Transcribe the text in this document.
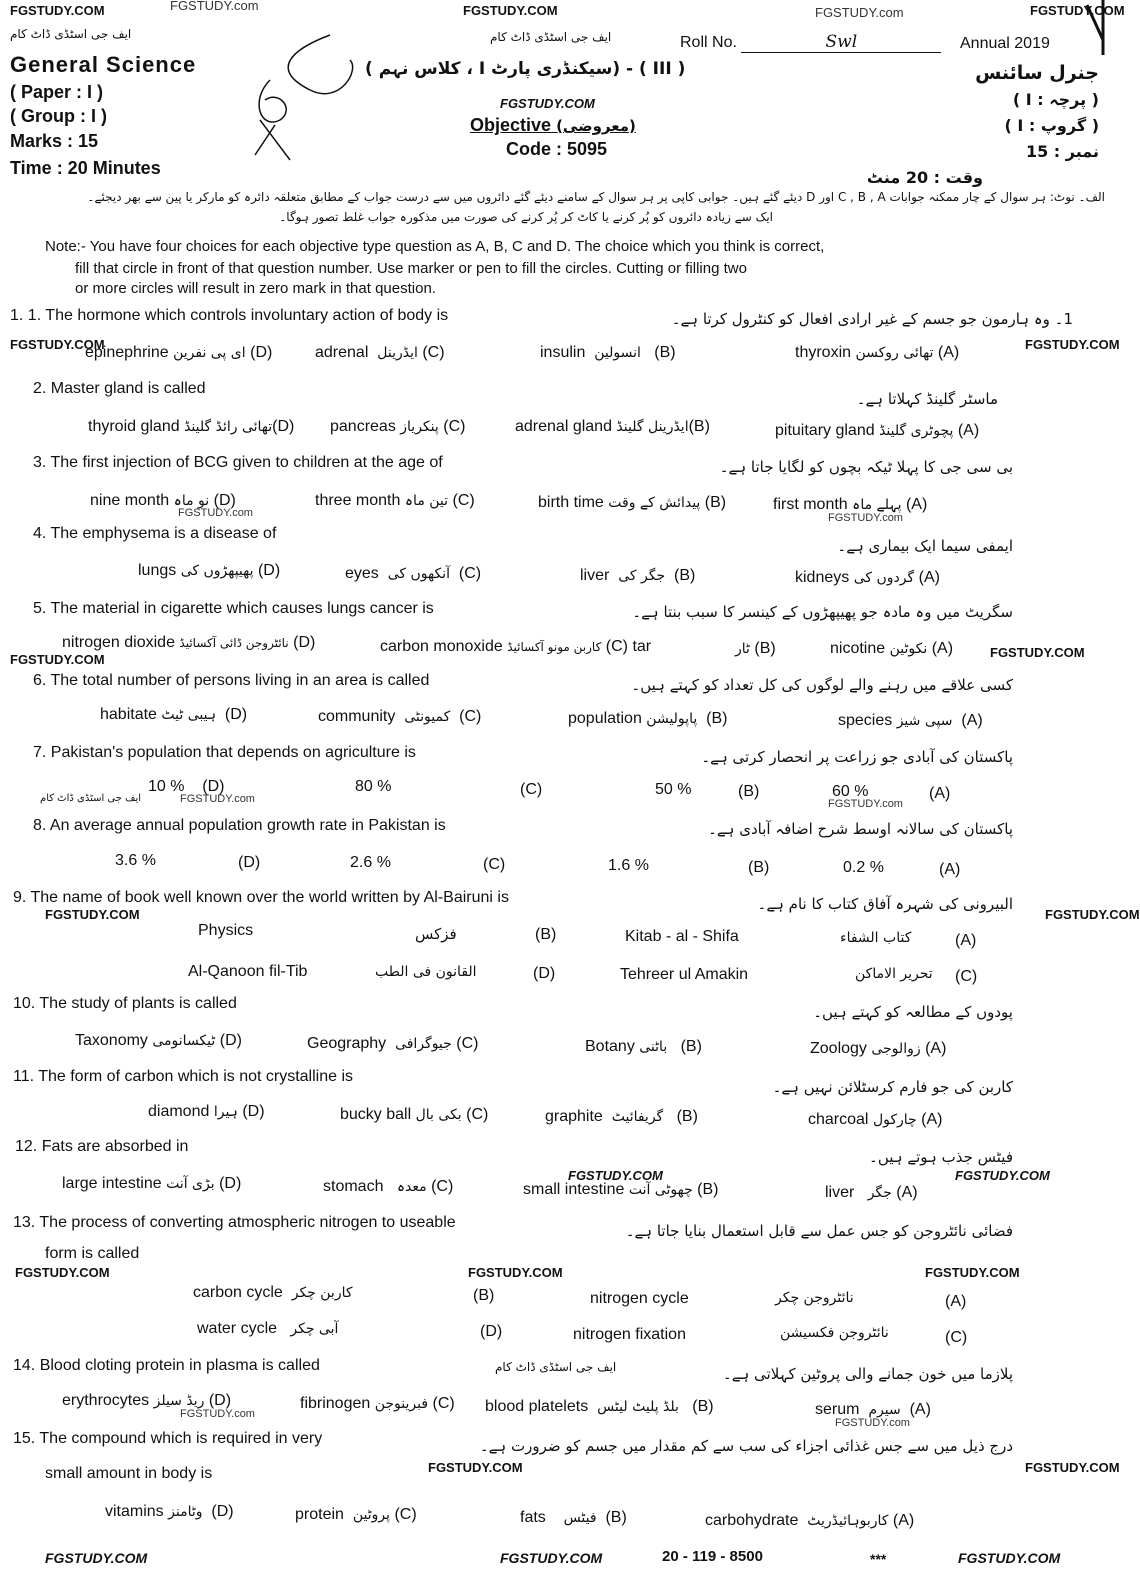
FGSTUDY.COM	FGSTUDY.com	FGSTUDY.COM	FGSTUDY.com	FGSTUDY.COM
ایف جی اسٹڈی ڈاٹ کام	ایف جی اسٹڈی ڈاٹ کام
General Science
( Paper : I )
( Group : I )
Marks : 15
Time : 20 Minutes
Roll No.	Swl	Annual 2019
( III ) - (سیکنڈری پارٹ I ، کلاس نہم )
FGSTUDY.COM
Objective (معروضی)
Code : 5095
جنرل سائنس
( پرچہ : I )
( گروپ : I )
نمبر : 15
وقت : 20 منٹ
الف۔ نوٹ: ہر سوال کے چار ممکنہ جوابات C , B , A اور D دیئے گئے ہیں۔ جوابی کاپی پر ہر سوال کے سامنے دیئے گئے دائروں میں سے درست جواب کے مطابق متعلقہ دائرہ کو مارکر یا پین سے بھر دیجئے۔
ایک سے زیادہ دائروں کو پُر کرنے یا کاٹ کر پُر کرنے کی صورت میں مذکورہ جواب غلط تصور ہوگا۔
Note:- You have four choices for each objective type question as A, B, C and D. The choice which you think is correct,
fill that circle in front of that question number. Use marker or pen to fill the circles. Cutting or filling two
or more circles will result in zero mark in that question.
1. 1. The hormone which controls involuntary action of body is	1۔ وہ ہارمون جو جسم کے غیر ارادی افعال کو کنٹرول کرتا ہے۔
FGSTUDY.COM
epinephrine ای پی نفرین (D)	adrenal ایڈرینل (C)	insulin انسولین (B)	thyroxin تھائی روکسن (A)	FGSTUDY.COM
2. Master gland is called
ماسٹر گلینڈ کہلاتا ہے۔
thyroid gland تھائی رائڈ گلینڈ(D) pancreas پنکریاز (C)	adrenal gland ایڈرینل گلینڈ(B)	pituitary gland پچوٹری گلینڈ (A)
3. The first injection of BCG given to children at the age of	بی سی جی کا پہلا ٹیکہ بچوں کو لگایا جاتا ہے۔
nine month نو ماہ (D)
FGSTUDY.com
three month تین ماہ (C)	birth time پیدائش کے وقت (B)	first month پہلے ماہ (A)
FGSTUDY.com
4. The emphysema is a disease of
ایمفی سیما ایک بیماری ہے۔
lungs پھیپھڑوں کی (D)	eyes آنکھوں کی (C)	liver جگر کی (B)	kidneys گردوں کی (A)
5. The material in cigarette which causes lungs cancer is	سگریٹ میں وہ مادہ جو پھیپھڑوں کے کینسر کا سبب بنتا ہے۔
nitrogen dioxide نائٹروجن ڈائی آکسائیڈ (D)
FGSTUDY.COM
carbon monoxide کاربن مونو آکسائیڈ (C) tar	ٹار (B)	nicotine نکوٹین (A)	FGSTUDY.COM
6. The total number of persons living in an area is called	کسی علاقے میں رہنے والے لوگوں کی کل تعداد کو کہتے ہیں۔
habitate ہیبی ٹیٹ (D)	community کمیونٹی (C)	population پاپولیشن (B)	species سپی شیز (A)
7. Pakistan's population that depends on agriculture is	پاکستان کی آبادی جو زراعت پر انحصار کرتی ہے۔
10 % (D)
ایف جی اسٹڈی ڈاٹ کام	FGSTUDY.com
80 %	(C)	50 %	(B)	60 %	(A)
FGSTUDY.com
8. An average annual population growth rate in Pakistan is	پاکستان کی سالانہ اوسط شرح اضافہ آبادی ہے۔
3.6 %	(D)	2.6 %	(C)	1.6 %	(B)	0.2 %	(A)
9. The name of book well known over the world written by Al-Bairuni is	البیرونی کی شہرہ آفاق کتاب کا نام ہے۔
FGSTUDY.COM	FGSTUDY.COM
Physics	فزکس	(B)	Kitab - al - Shifa	کتاب الشفاء	(A)
Al-Qanoon fil-Tib	القانون فی الطب	(D)	Tehreer ul Amakin	تحریر الاماکن (C)
10. The study of plants is called	پودوں کے مطالعہ کو کہتے ہیں۔
Taxonomy ٹیکسانومی (D)	Geography جیوگرافی (C)	Botany باٹنی (B)	Zoology زوالوجی (A)
11. The form of carbon which is not crystalline is
کاربن کی جو فارم کرسٹلائن نہیں ہے۔
diamond ہیرا (D)	bucky ball بکی بال (C)	graphite گریفائیٹ (B)	charcoal چارکول (A)
12. Fats are absorbed in
فیٹس جذب ہوتے ہیں۔
large intestine بڑی آنت (D)	stomach معدہ (C)
FGSTUDY.COM
small intestine چھوٹی آنت (B)	liver جگر (A)
FGSTUDY.COM
13. The process of converting atmospheric nitrogen to useable
form is called
فضائی نائٹروجن کو جس عمل سے قابل استعمال بنایا جاتا ہے۔
FGSTUDY.COM	FGSTUDY.COM	FGSTUDY.COM
carbon cycle کاربن چکر	(B)	nitrogen cycle	نائٹروجن چکر	(A)
water cycle آبی چکر	(D)	nitrogen fixation	نائٹروجن فکسیشن	(C)
14. Blood cloting protein in plasma is called	ایف جی اسٹڈی ڈاٹ کام	پلازما میں خون جمانے والی پروٹین کہلاتی ہے۔
erythrocytes ریڈ سیلز (D)
FGSTUDY.com
fibrinogen فبرینوجن (C) blood platelets بلڈ پلیٹ لیٹس (B)	serum سیرم (A)
FGSTUDY.com
15. The compound which is required in very	درج ذیل میں سے جس غذائی اجزاء کی سب سے کم مقدار میں جسم کو ضرورت ہے۔
FGSTUDY.COM	FGSTUDY.COM
small amount in body is
vitamins وٹامنز (D)	protein پروٹین (C)	fats فیٹس (B)	carbohydrate کاربوہائیڈریٹ (A)
FGSTUDY.COM	FGSTUDY.COM	20 - 119 - 8500	***	FGSTUDY.COM
